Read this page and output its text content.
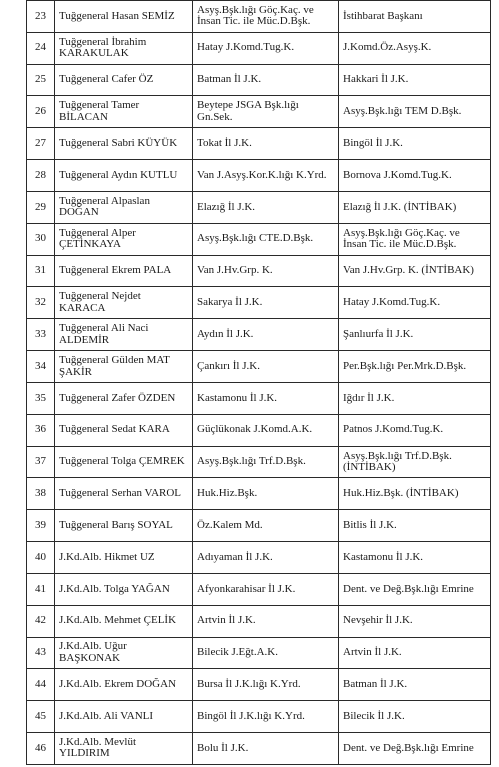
23	Tuğgeneral Hasan SEMİZ	Asyş.Bşk.lığı Göç.Kaç. ve İnsan Tic. ile Müc.D.Bşk.	İstihbarat Başkanı
24	Tuğgeneral İbrahim KARAKULAK	Hatay J.Komd.Tug.K.	J.Komd.Öz.Asyş.K.
25	Tuğgeneral Cafer ÖZ	Batman İl J.K.	Hakkari İl J.K.
26	Tuğgeneral Tamer BİLACAN	Beytepe JSGA Bşk.lığı Gn.Sek.	Asyş.Bşk.lığı TEM D.Bşk.
27	Tuğgeneral Sabri KÜYÜK	Tokat İl J.K.	Bingöl İl J.K.
28	Tuğgeneral Aydın KUTLU	Van J.Asyş.Kor.K.lığı K.Yrd.	Bornova J.Komd.Tug.K.
29	Tuğgeneral Alpaslan DOĞAN	Elazığ İl J.K.	Elazığ İl J.K. (İNTİBAK)
30	Tuğgeneral Alper ÇETİNKAYA	Asyş.Bşk.lığı CTE.D.Bşk.	Asyş.Bşk.lığı Göç.Kaç. ve İnsan Tic. ile Müc.D.Bşk.
31	Tuğgeneral Ekrem PALA	Van J.Hv.Grp. K.	Van J.Hv.Grp. K. (İNTİBAK)
32	Tuğgeneral Nejdet KARACA	Sakarya İl J.K.	Hatay J.Komd.Tug.K.
33	Tuğgeneral Ali Naci ALDEMİR	Aydın İl J.K.	Şanlıurfa İl J.K.
34	Tuğgeneral Gülden MAT ŞAKİR	Çankırı İl J.K.	Per.Bşk.lığı Per.Mrk.D.Bşk.
35	Tuğgeneral Zafer ÖZDEN	Kastamonu İl J.K.	Iğdır İl J.K.
36	Tuğgeneral Sedat KARA	Güçlükonak J.Komd.A.K.	Patnos J.Komd.Tug.K.
37	Tuğgeneral Tolga ÇEMREK	Asyş.Bşk.lığı Trf.D.Bşk.	Asyş.Bşk.lığı Trf.D.Bşk. (İNTİBAK)
38	Tuğgeneral Serhan VAROL	Huk.Hiz.Bşk.	Huk.Hiz.Bşk. (İNTİBAK)
39	Tuğgeneral Barış SOYAL	Öz.Kalem Md.	Bitlis İl J.K.
40	J.Kd.Alb. Hikmet UZ	Adıyaman İl J.K.	Kastamonu İl J.K.
41	J.Kd.Alb. Tolga YAĞAN	Afyonkarahisar İl J.K.	Dent. ve Değ.Bşk.lığı Emrine
42	J.Kd.Alb. Mehmet ÇELİK	Artvin İl J.K.	Nevşehir İl J.K.
43	J.Kd.Alb. Uğur BAŞKONAK	Bilecik J.Eğt.A.K.	Artvin İl J.K.
44	J.Kd.Alb. Ekrem DOĞAN	Bursa İl J.K.lığı K.Yrd.	Batman İl J.K.
45	J.Kd.Alb. Ali VANLI	Bingöl İl J.K.lığı K.Yrd.	Bilecik İl J.K.
46	J.Kd.Alb. Mevlüt YILDIRIM	Bolu İl J.K.	Dent. ve Değ.Bşk.lığı Emrine
